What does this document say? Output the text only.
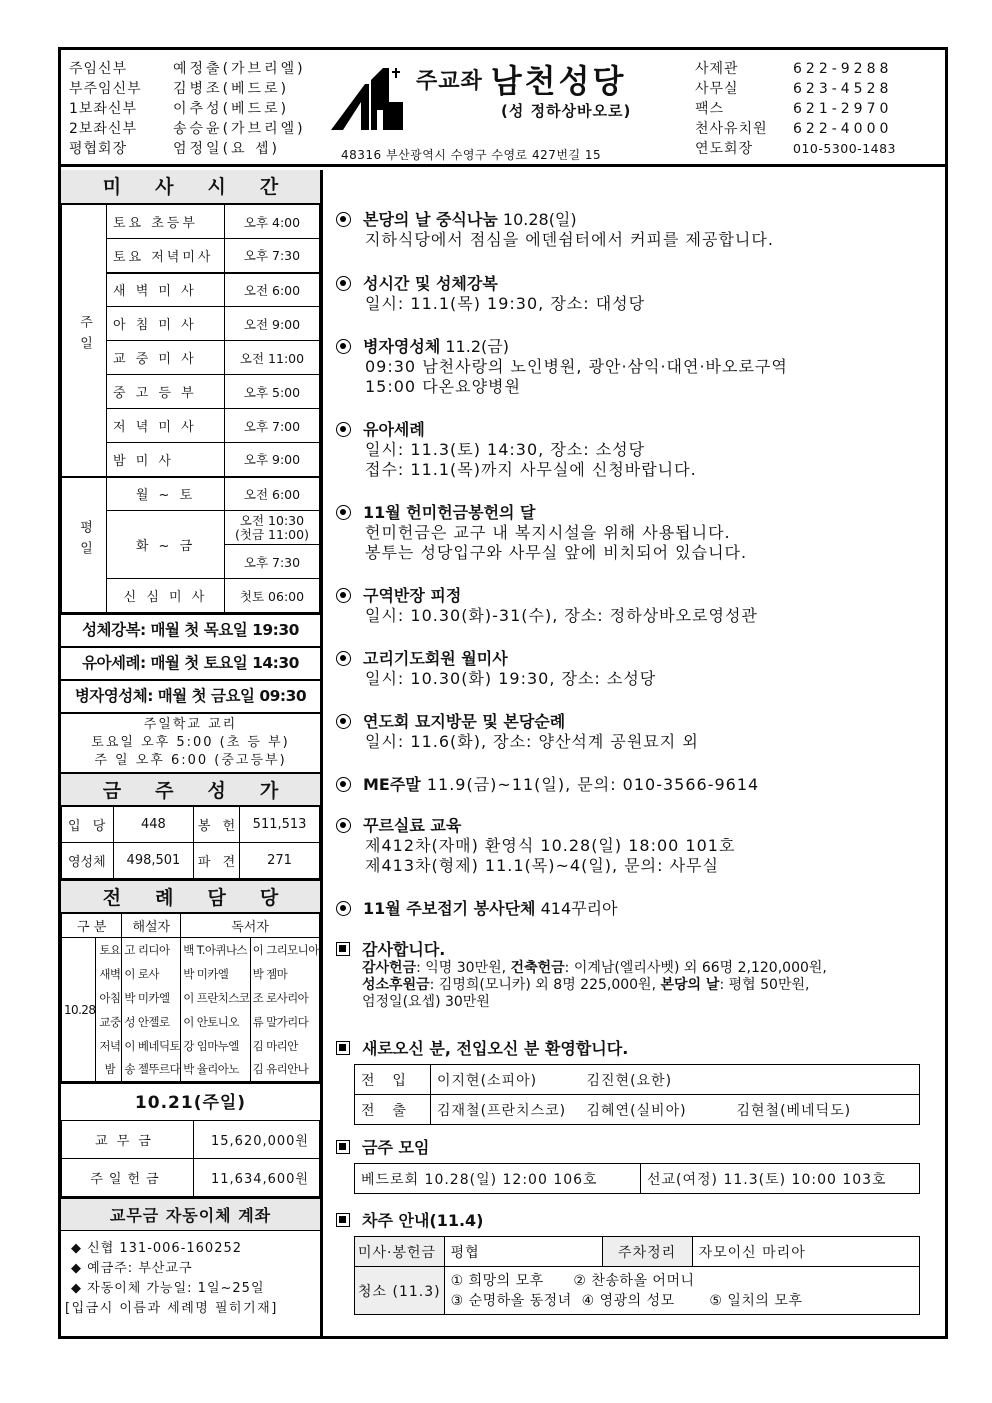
주임신부	예정출(가브리엘)
부주임신부	김병조(베드로)
1보좌신부	이추성(베드로)
2보좌신부	송승윤(가브리엘)
평협회장	엄정일(요 셉)
주교좌 남천성당
(성 정하상바오로)
48316 부산광역시 수영구 수영로 427번길 15
사제관	622-9288
사무실	623-4528
팩스	621-2970
천사유치원	622-4000
연도회장	010-5300-1483
미사시간
주일	토요 초등부	오후 4:00
	토요 저녁미사	오후 7:30
	새 벽 미 사	오전 6:00
	아 침 미 사	오전 9:00
	교 중 미 사	오전 11:00
	중 고 등 부	오후 5:00
	저 녁 미 사	오후 7:00
	밤 미 사	오후 9:00
평일	월 ~ 토	오전 6:00
	화 ~ 금	오전 10:30
(첫금 11:00)

		오후 7:30
	신 심 미 사	첫토 06:00
성체강복: 매월 첫 목요일 19:30
유아세례: 매월 첫 토요일 14:30
병자영성체: 매월 첫 금요일 09:30
주일학교 교리
토요일 오후 5:00 (초 등 부)
주 일 오후 6:00 (중고등부)
금주성가
입 당	448	봉 헌	511,513
영성체	498,501	파 견	271
전례담당
구 분		해설자	독서자	
10.28	토요	고 리디아	백 T.아퀴나스	이 그리모니아
	새벽	이 로사	박 미카엘	박 젬마
	아침	박 미카엘	이 프란치스코	조 로사리아
	교중	성 안젤로	이 안토니오	류 말가리다
	저녁	이 베네딕토	강 임마누엘	김 마리안
	밤	송 젤뚜르다	박 율리아노	김 유리안나
10.21(주일)
교무금	15,620,000원
주일헌금	11,634,600원
교무금 자동이체 계좌
◆ 신협 131-006-160252
◆ 예금주: 부산교구
◆ 자동이체 가능일: 1일~25일
[입금시 이름과 세례명 필히기재]
본당의 날 중식나눔 10.28(일)
지하식당에서 점심을 에덴쉼터에서 커피를 제공합니다.
성시간 및 성체강복
일시: 11.1(목) 19:30, 장소: 대성당
병자영성체 11.2(금)
09:30 남천사랑의 노인병원, 광안·삼익·대연·바오로구역
15:00 다온요양병원
유아세례
일시: 11.3(토) 14:30, 장소: 소성당
접수: 11.1(목)까지 사무실에 신청바랍니다.
11월 헌미헌금봉헌의 달
헌미헌금은 교구 내 복지시설을 위해 사용됩니다.
봉투는 성당입구와 사무실 앞에 비치되어 있습니다.
구역반장 피정
일시: 10.30(화)-31(수), 장소: 정하상바오로영성관
고리기도회원 월미사
일시: 10.30(화) 19:30, 장소: 소성당
연도회 묘지방문 및 본당순례
일시: 11.6(화), 장소: 양산석계 공원묘지 외
ME주말 11.9(금)~11(일), 문의: 010-3566-9614
꾸르실료 교육
제412차(자매) 환영식 10.28(일) 18:00 101호
제413차(형제) 11.1(목)~4(일), 문의: 사무실
11월 주보접기 봉사단체 414꾸리아
감사합니다.
감사헌금: 익명 30만원, 건축헌금: 이계남(엘리사벳) 외 66명 2,120,000원,
성소후원금: 김명희(모니카) 외 8명 225,000원, 본당의 날: 평협 50만원,
엄정일(요셉) 30만원
새로오신 분, 전입오신 분 환영합니다.
전    입	이지현(소피아)	김진현(요한)	
전    출	김재철(프란치스코)	김혜연(실비아)	김현철(베네딕도)
금주 모임
베드로회 10.28(일) 12:00 106호	선교(여정) 11.3(토) 10:00 103호
차주 안내(11.4)
미사·봉헌금	평협	주차정리	자모이신 마리아
청소 (11.3)	① 희망의 모후      ② 찬송하올 어머니
③ 순명하올 동정녀  ④ 영광의 성모       ⑤ 일치의 모후		
